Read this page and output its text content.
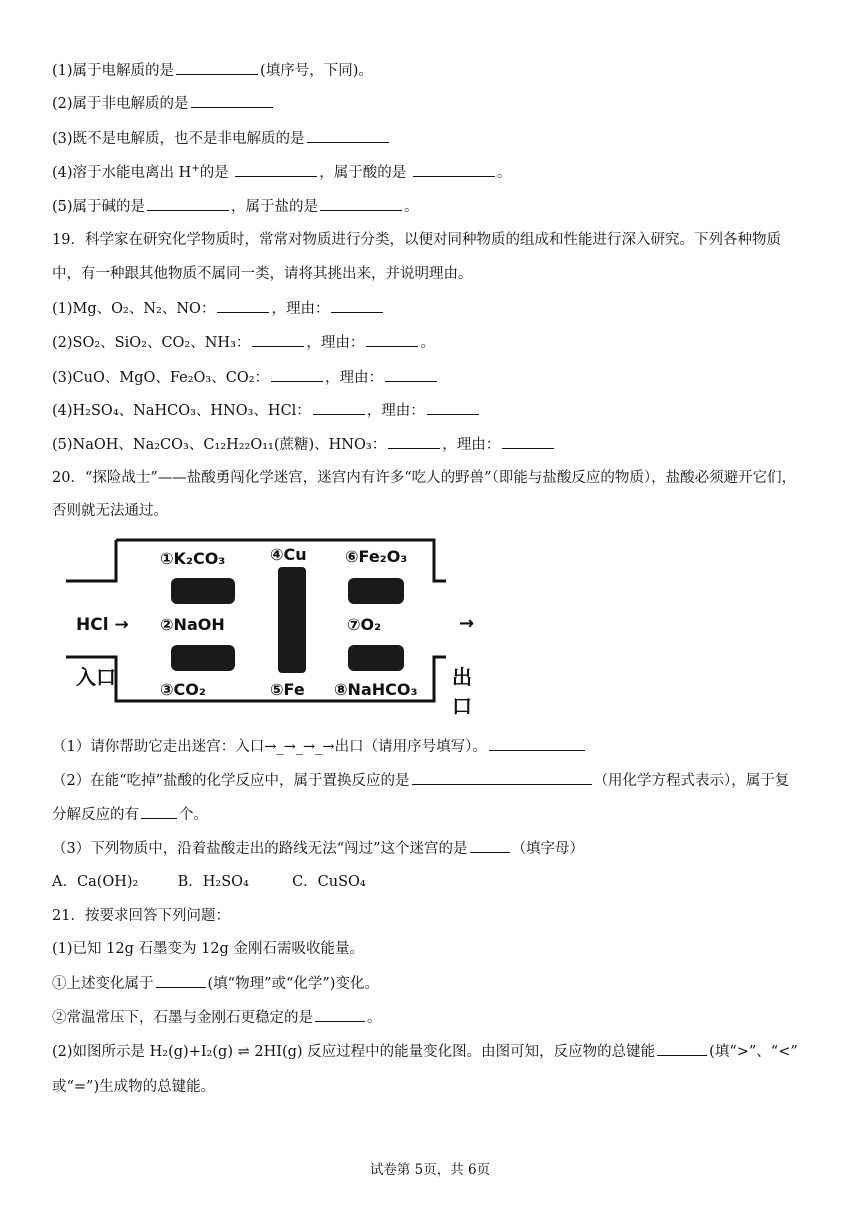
(1)属于电解质的是	(填序号，下同)。
(2)属于非电解质的是
(3)既不是电解质，也不是非电解质的是
(4)溶于水能电离出 H+的是	，属于酸的是	。
(5)属于碱的是	，属于盐的是	。
19．科学家在研究化学物质时，常常对物质进行分类，以便对同种物质的组成和性能进行深入研究。下列各种物质
中，有一种跟其他物质不属同一类，请将其挑出来，并说明理由。
(1)Mg、O₂、N₂、NO：	，理由：
(2)SO₂、SiO₂、CO₂、NH₃：	，理由：	。
(3)CuO、MgO、Fe₂O₃、CO₂：	，理由：
(4)H₂SO₄、NaHCO₃、HNO₃、HCl：	，理由：
(5)NaOH、Na₂CO₃、C₁₂H₂₂O₁₁(蔗糖)、HNO₃：	，理由：
20．“探险战士”——盐酸勇闯化学迷宫，迷宫内有许多“吃人的野兽”（即能与盐酸反应的物质），盐酸必须避开它们，
否则就无法通过。
①K₂CO₃
②NaOH
③CO₂
④Cu
⑤Fe
⑥Fe₂O₃
⑦O₂
⑧NaHCO₃
HCl →	→
入口	出口
（1）请你帮助它走出迷宫：入口→_→_→_→出口（请用序号填写）。
（2）在能“吃掉”盐酸的化学反应中，属于置换反应的是	（用化学方程式表示），属于复
分解反应的有	个。
（3）下列物质中，沿着盐酸走出的路线无法“闯过”这个迷宫的是	（填字母）
A．Ca(OH)₂	B．H₂SO₄	C．CuSO₄
21．按要求回答下列问题：
(1)已知 12g 石墨变为 12g 金刚石需吸收能量。
①上述变化属于	(填“物理”或“化学”)变化。
②常温常压下，石墨与金刚石更稳定的是	。
(2)如图所示是 H₂(g)+I₂(g) ⇌ 2HI(g) 反应过程中的能量变化图。由图可知，反应物的总键能	(填“>”、“<”
或“=”)生成物的总键能。
试卷第 5页，共 6页
